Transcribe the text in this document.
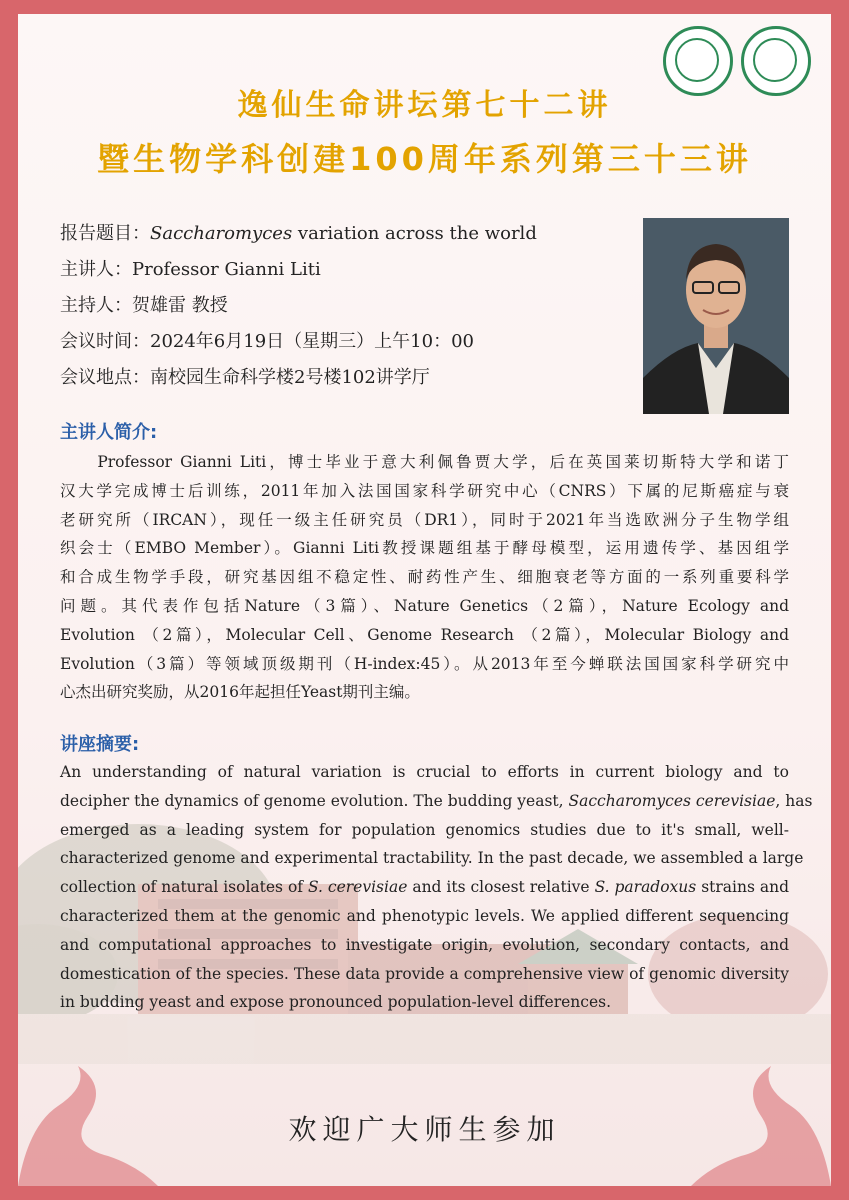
逸仙生命讲坛第七十二讲
暨生物学科创建100周年系列第三十三讲
报告题目：Saccharomyces variation across the world
主讲人：Professor Gianni Liti
主持人：贺雄雷 教授
会议时间：2024年6月19日（星期三）上午10：00
会议地点：南校园生命科学楼2号楼102讲学厅
主讲人简介:
　　Professor Gianni Liti，博士毕业于意大利佩鲁贾大学，后在英国莱切斯特大学和诺丁
汉大学完成博士后训练，2011年加入法国国家科学研究中心（CNRS）下属的尼斯癌症与衰
老研究所（IRCAN），现任一级主任研究员（DR1），同时于2021年当选欧洲分子生物学组
织会士（EMBO Member）。Gianni Liti教授课题组基于酵母模型，运用遗传学、基因组学
和合成生物学手段，研究基因组不稳定性、耐药性产生、细胞衰老等方面的一系列重要科学
问题。其代表作包括Nature（3篇）、Nature Genetics（2篇），Nature Ecology and
Evolution （2篇），Molecular Cell、Genome Research （2篇），Molecular Biology and
Evolution（3篇）等领域顶级期刊（H-index:45）。从2013年至今蝉联法国国家科学研究中
心杰出研究奖励，从2016年起担任Yeast期刊主编。
讲座摘要:
An understanding of natural variation is crucial to efforts in current biology and to
decipher the dynamics of genome evolution. The budding yeast, Saccharomyces cerevisiae, has
emerged as a leading system for population genomics studies due to it's small, well-
characterized genome and experimental tractability. In the past decade, we assembled a large
collection of natural isolates of S. cerevisiae and its closest relative S. paradoxus strains and
characterized them at the genomic and phenotypic levels. We applied different sequencing
and computational approaches to investigate origin, evolution, secondary contacts, and
domestication of the species. These data provide a comprehensive view of genomic diversity
in budding yeast and expose pronounced population-level differences.
欢迎广大师生参加
